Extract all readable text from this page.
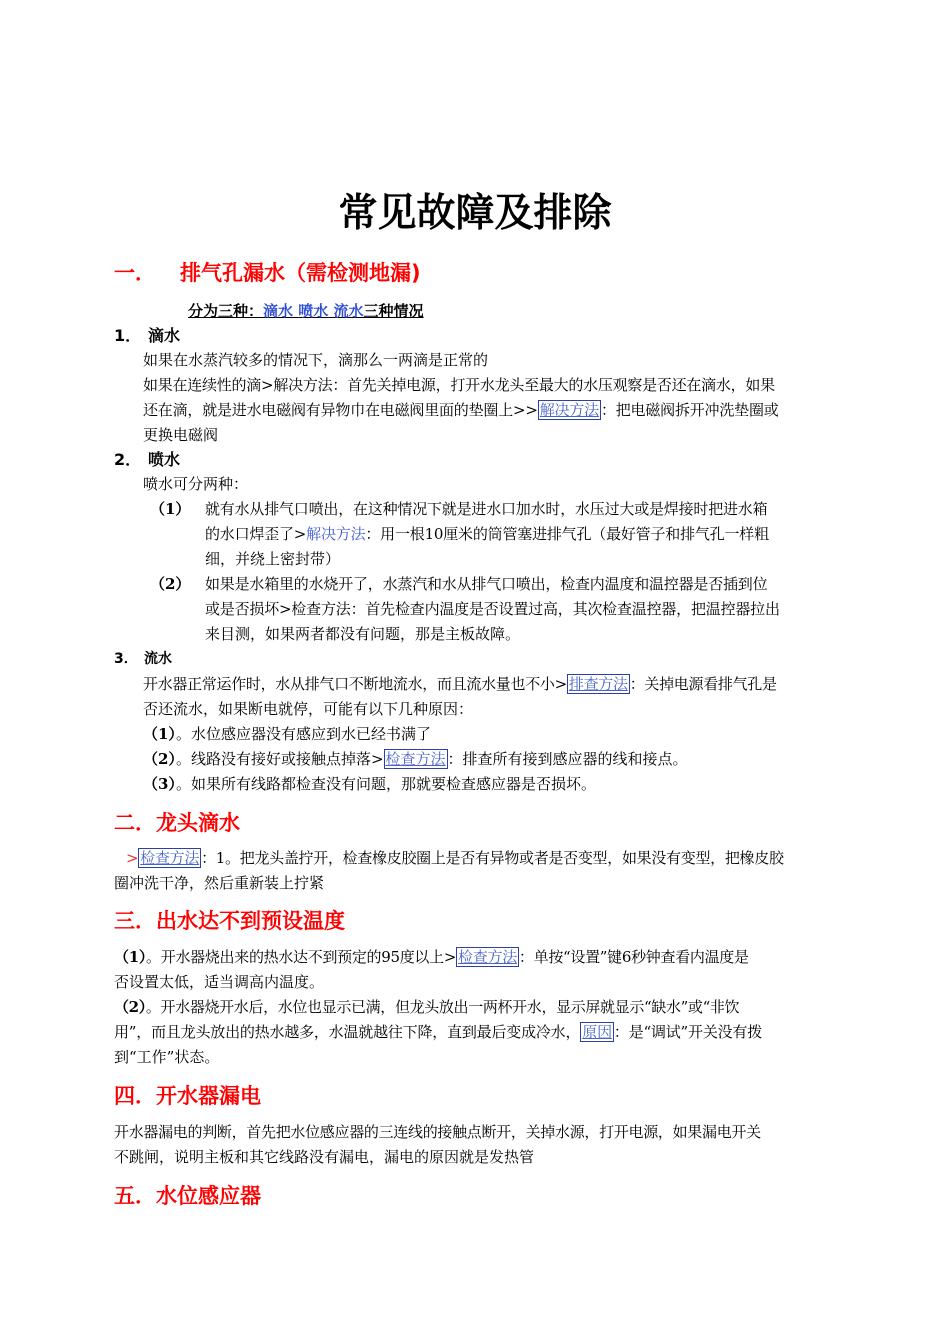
常见故障及排除
一． 排气孔漏水（需检测地漏)
分为三种：滴水 喷水 流水三种情况
1． 滴水
如果在水蒸汽较多的情况下，滴那么一两滴是正常的
如果在连续性的滴>解决方法：首先关掉电源，打开水龙头至最大的水压观察是否还在滴水，如果
还在滴，就是进水电磁阀有异物巾在电磁阀里面的垫圈上>> 解决方法 ：把电磁阀拆开冲洗垫圈或
更换电磁阀
2． 喷水
喷水可分两种：
（1） 就有水从排气口喷出，在这种情况下就是进水口加水时，水压过大或是焊接时把进水箱
的水口焊歪了>解决方法：用一根10厘米的筒管塞进排气孔（最好管子和排气孔一样粗
细，并绕上密封带）
（2） 如果是水箱里的水烧开了，水蒸汽和水从排气口喷出，检查内温度和温控器是否插到位
或是否损坏>检查方法：首先检查内温度是否设置过高，其次检查温控器，把温控器拉出
来目测，如果两者都没有问题，那是主板故障。
3． 流水
开水器正常运作时，水从排气口不断地流水，而且流水量也不小> 排查方法 ：关掉电源看排气孔是
否还流水，如果断电就停，可能有以下几种原因：
（1）。水位感应器没有感应到水已经书满了
（2）。线路没有接好或接触点掉落> 检查方法 ：排查所有接到感应器的线和接点。
（3）。如果所有线路都检查没有问题，那就要检查感应器是否损坏。
二．龙头滴水
> 检查方法 ：1。把龙头盖拧开，检查橡皮胶圈上是否有异物或者是否变型，如果没有变型，把橡皮胶
圈冲洗干净，然后重新装上拧紧
三．出水达不到预设温度
（1）。开水器烧出来的热水达不到预定的95度以上> 检查方法 ：单按“设置”键6秒钟查看内温度是
否设置太低，适当调高内温度。
（2）。开水器烧开水后，水位也显示已满，但龙头放出一两杯开水，显示屏就显示“缺水”或“非饮
用”，而且龙头放出的热水越多，水温就越往下降，直到最后变成冷水， 原因 ：是“调试”开关没有拨
到“工作”状态。
四．开水器漏电
开水器漏电的判断，首先把水位感应器的三连线的接触点断开，关掉水源，打开电源，如果漏电开关
不跳闸，说明主板和其它线路没有漏电，漏电的原因就是发热管
五．水位感应器
